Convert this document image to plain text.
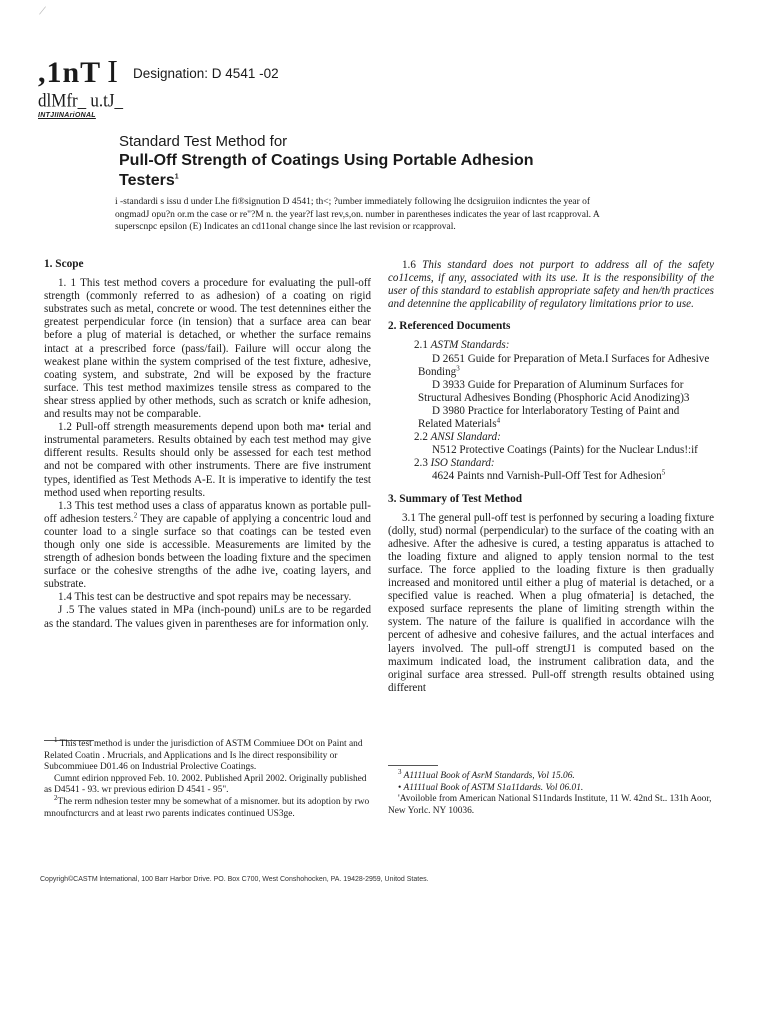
/
,1nT I
dlMfr_ u.tJ_
INTJIINAriONAL
Designation: D 4541 -02
Standard Test Method for
Pull-Off Strength of Coatings Using Portable Adhesion
Testers$^1$
i -standardi s issu d under Lhe fi®signution D 4541; th<; ?umber immediately following lhe dcsigruiion indicntes the year of
ongmadJ opu?n or.m the case or re"?M n. the year?f last rev,s,on. number in parentheses indicates the year of last rcapproval. A
superscnpc epsilon (E) Indicates an cd11onal change since lhe last revision or rcapproval.
1. Scope

1. 1 This test method covers a procedure for evaluating the pull-off strength (commonly referred to as adhesion) of a coating on rigid substrates such as metal, concrete or wood. The test detennines either the greatest perpendicular force (in tension) that a surface area can bear before a plug of material is detached, or whether the surface remains intact at a prescribed force (pass/fail). Failure will occur along the weakest plane within the system comprised of the test fixture, adhesive, coating system, and substrate, 2nd will be exposed by the fracture surface. This test method maximizes tensile stress as compared to the shear stress applied by other methods, such as scratch or knife adhesion, and results may not be comparable.

1.2 Pull-off strength measurements depend upon both ma• terial and instrumental parameters. Results obtained by each test method may give different results. Results should only be assessed for each test method and not be compared with other instruments. There are five instrument types, identified as Test Methods A-E. It is imperative to identify the test method used when reporting results.

1.3 This test method uses a class of apparatus known as portable pull-off adhesion testers.$^2$ They are capable of applying a concentric loud and counter load to a single surface so that coatings can be tested even though only one side is accessible. Measurements are limited by the strength of adhesion bonds between the loading fixture and the specimen surface or the cohesive strengths of the adhe ive, coating layers, and substrate.

1.4 This test can be destructive and spot repairs may be necessary.

J .5 The values stated in MPa (inch-pound) uniLs are to be regarded as the standard. The values given in parentheses are for information only.

1.6 This standard does not purport to address all of the safety co11cems, if any, associated with its use. It is the responsibility of the user of this standard to establish appropriate safety and hen/th practices and detennine the applicability of regulatory limitations prior to use.

2. Referenced Documents

2.1 ASTM Standards:

D 2651 Guide for Preparation of Meta.I Surfaces for Adhesive Bonding$^3$

D 3933 Guide for Preparation of Aluminum Surfaces for Structural Adhesives Bonding (Phosphoric Acid Anodizing)3

D 3980 Practice for lnterlaboratory Testing of Paint and Related Materials$^4$

2.2 ANSI Slandard:

N512 Protective Coatings (Paints) for the Nuclear Lndus!:if

2.3 ISO Standard:

4624 Paints nnd Varnish-Pull-Off Test for Adhesion$^5$

3. Summary of Test Method

3.1 The general pull-off test is perfonned by securing a loading fixture (dolly, stud) normal (perpendicular) to the surface of the coating with an adhesive. After the adhesive is cured, a testing apparatus is attached to the loading fixture and aligned to apply tension normal to the test surface. The force applied to the loading fixture is then gradually increased and monitored until either a plug of material is detached, or a specified value is reached. When a plug ofmateria] is detached, the exposed surface represents the plane of limiting strength within the system. The nature of the failure is qualified in accordance wilh the percent of adhesive and cohesive failures, and the actual interfaces and layers involved. The pull-off strengtJ1 is computed based on the maximum indicated load, the instrument calibration data, and the original surface area stressed. Pull-off strength results obtained using different

$^1$ This test method is under the jurisdiction of ASTM Commiuee DOt on Paint and Related Coatin . Mrucrials, and Applications and Is lhe direct responsibility or Subcommiuee D01.46 on Industrial Prolective Coatings.

Cumnt edirion npproved Feb. 10. 2002. Published April 2002. Originally published as D4541 - 93. wr previous edirion D 4541 - 95".

$^2$The rerm ndhesion tester mny be somewhat of a misnomer. but its adoption by rwo mnoufncturcrs and at least rwo parents indicates continued US3ge.

$^3$ A1111ual Book of AsrM Standards, Vol 15.06.

• A1111ual Book of ASTM S1a11dards. Vol 06.01.

'Avoiloble from American National S11ndards Institute, 11 W. 42nd St.. 131h Aoor, New Yorlc. NY 10036.

Copyrigh©CASTM lntemational, 100 Barr Harbor Drive. PO. Box C700, West Conshohocken, PA. 19428-2959, Unitod States.
